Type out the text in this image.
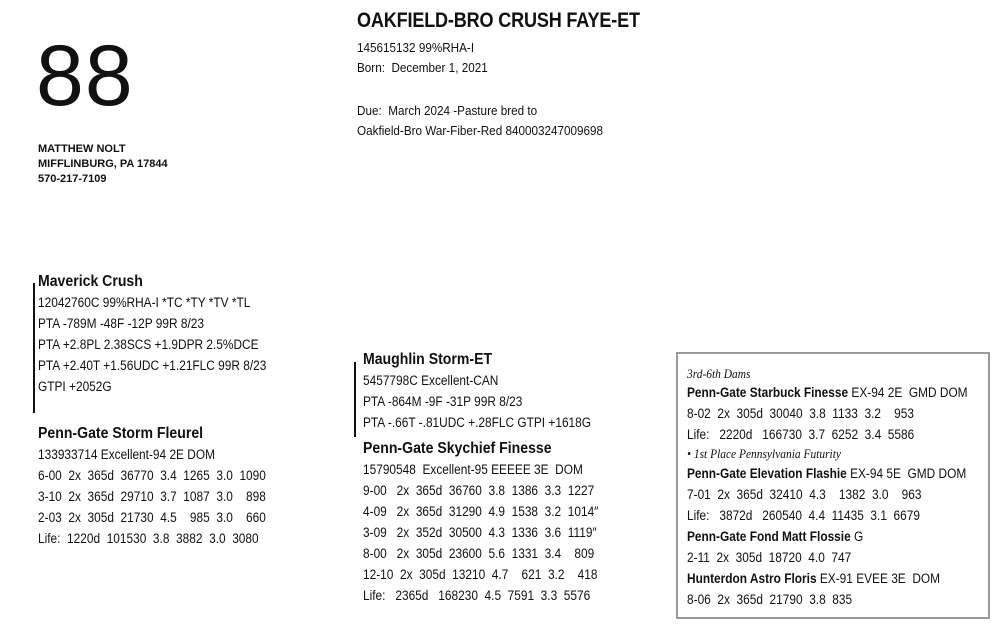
88
MATTHEW NOLT
MIFFLINBURG, PA 17844
570-217-7109
OAKFIELD-BRO CRUSH FAYE-ET
145615132 99%RHA-I
Born:  December 1, 2021
Due:  March 2024 -Pasture bred to
Oakfield-Bro War-Fiber-Red 840003247009698
Maverick Crush
12042760C 99%RHA-I *TC *TY *TV *TL
PTA -789M -48F -12P 99R 8/23
PTA +2.8PL 2.38SCS +1.9DPR 2.5%DCE
PTA +2.40T +1.56UDC +1.21FLC 99R 8/23
GTPI +2052G
Penn-Gate Storm Fleurel
133933714 Excellent-94 2E DOM
6-00  2x  365d  36770  3.4  1265  3.0  1090
3-10  2x  365d  29710  3.7  1087  3.0    898
2-03  2x  305d  21730  4.5    985  3.0    660
Life:  1220d  101530  3.8  3882  3.0  3080
Maughlin Storm-ET
5457798C Excellent-CAN
PTA -864M -9F -31P 99R 8/23
PTA -.66T -.81UDC +.28FLC GTPI +1618G
Penn-Gate Skychief Finesse
15790548  Excellent-95 EEEEE 3E  DOM
9-00   2x  365d  36760  3.8  1386  3.3  1227
4-09   2x  365d  31290  4.9  1538  3.2  1014″
3-09   2x  352d  30500  4.3  1336  3.6  1119″
8-00   2x  305d  23600  5.6  1331  3.4    809
12-10  2x  305d  13210  4.7    621  3.2    418
Life:   2365d   168230  4.5  7591  3.3  5576
3rd-6th Dams
Penn-Gate Starbuck Finesse EX-94 2E  GMD DOM
8-02  2x  305d  30040  3.8  1133  3.2    953
Life:   2220d   166730  3.7  6252  3.4  5586
• 1st Place Pennsylvania Futurity
Penn-Gate Elevation Flashie EX-94 5E  GMD DOM
7-01  2x  365d  32410  4.3    1382  3.0    963
Life:   3872d   260540  4.4  11435  3.1  6679
Penn-Gate Fond Matt Flossie G
2-11  2x  305d  18720  4.0  747
Hunterdon Astro Floris EX-91 EVEE 3E  DOM
8-06  2x  365d  21790  3.8  835
